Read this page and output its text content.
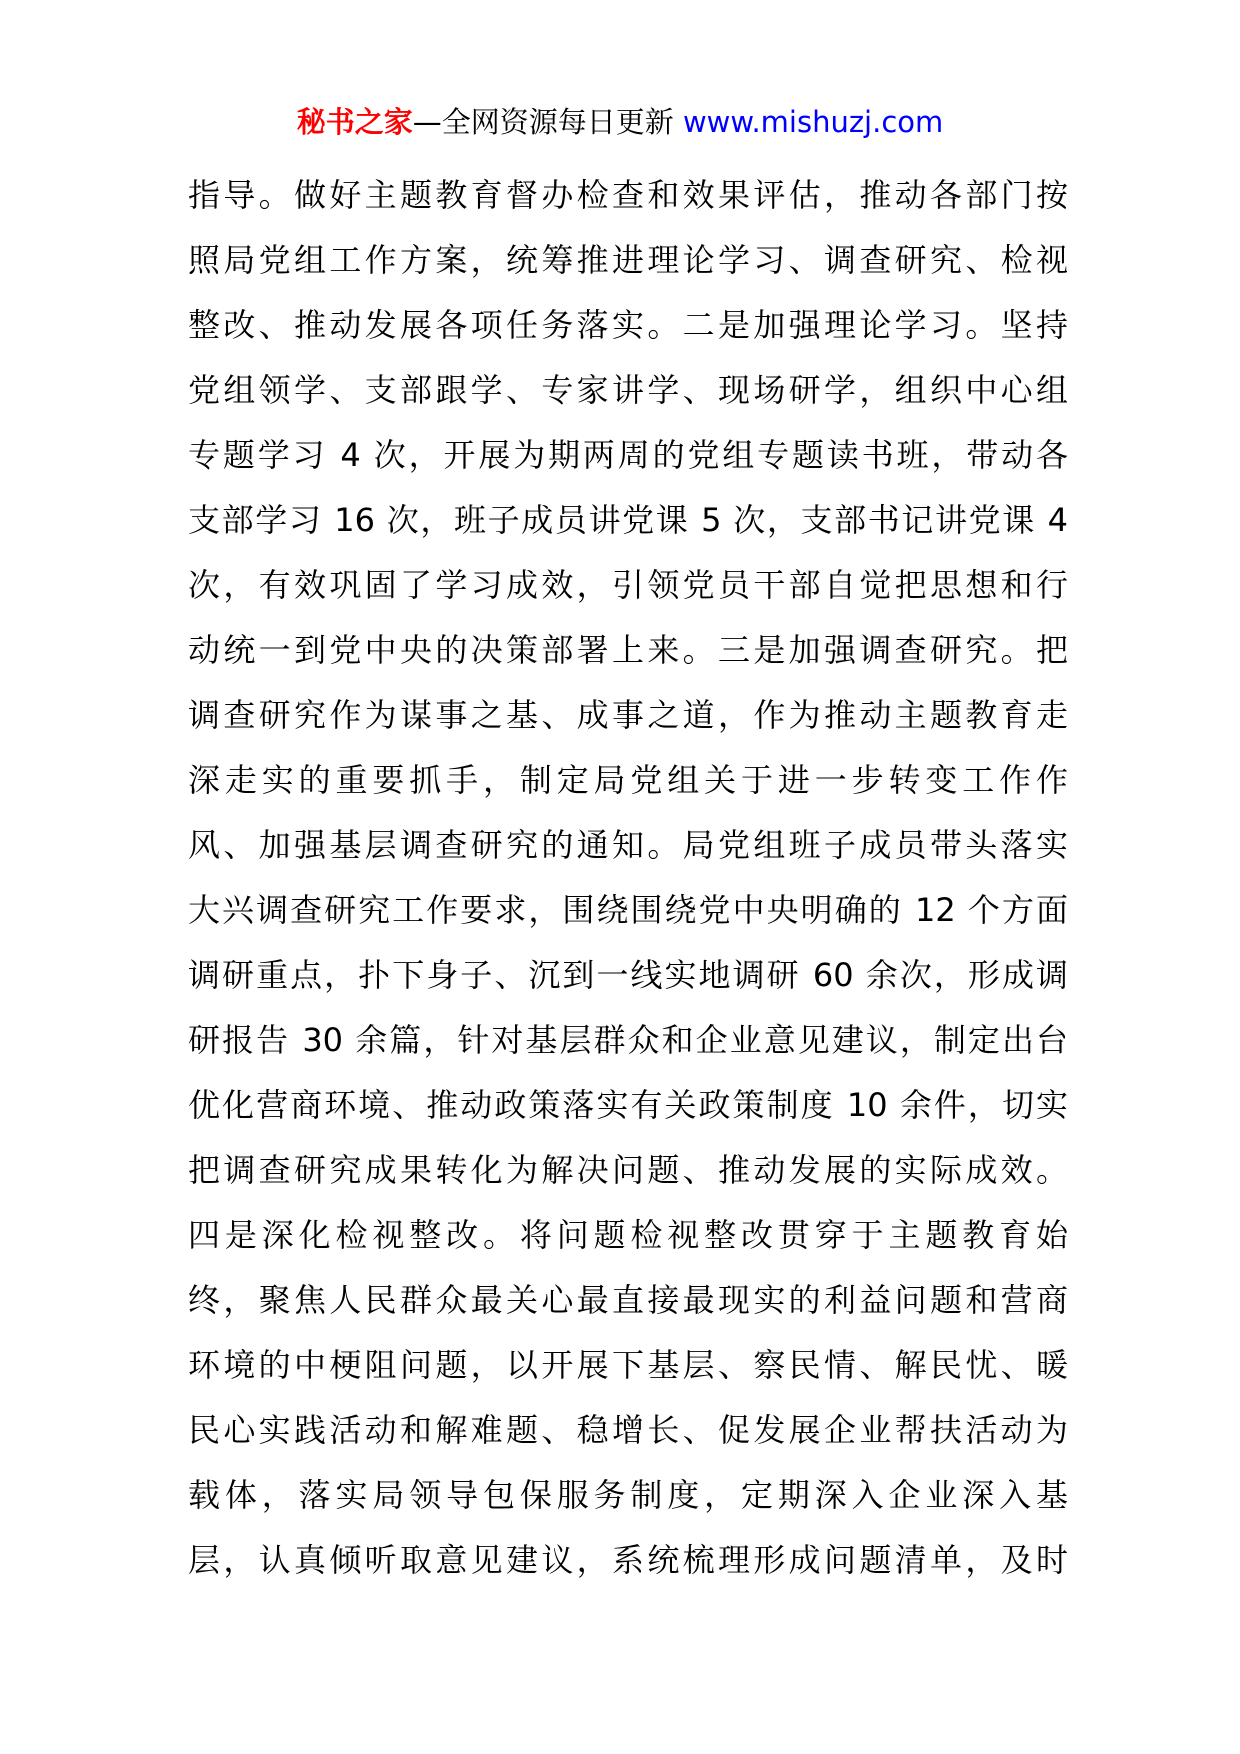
秘书之家—全网资源每日更新 www.mishuzj.com
指导。做好主题教育督办检查和效果评估，推动各部门按
照局党组工作方案，统筹推进理论学习、调查研究、检视
整改、推动发展各项任务落实。二是加强理论学习。坚持
党组领学、支部跟学、专家讲学、现场研学，组织中心组
专题学习 4 次，开展为期两周的党组专题读书班，带动各
支部学习 16 次，班子成员讲党课 5 次，支部书记讲党课 4
次，有效巩固了学习成效，引领党员干部自觉把思想和行
动统一到党中央的决策部署上来。三是加强调查研究。把
调查研究作为谋事之基、成事之道，作为推动主题教育走
深走实的重要抓手，制定局党组关于进一步转变工作作
风、加强基层调查研究的通知。局党组班子成员带头落实
大兴调查研究工作要求，围绕围绕党中央明确的 12 个方面
调研重点，扑下身子、沉到一线实地调研 60 余次，形成调
研报告 30 余篇，针对基层群众和企业意见建议，制定出台
优化营商环境、推动政策落实有关政策制度 10 余件，切实
把调查研究成果转化为解决问题、推动发展的实际成效。
四是深化检视整改。将问题检视整改贯穿于主题教育始
终，聚焦人民群众最关心最直接最现实的利益问题和营商
环境的中梗阻问题，以开展下基层、察民情、解民忧、暖
民心实践活动和解难题、稳增长、促发展企业帮扶活动为
载体，落实局领导包保服务制度，定期深入企业深入基
层，认真倾听取意见建议，系统梳理形成问题清单，及时
